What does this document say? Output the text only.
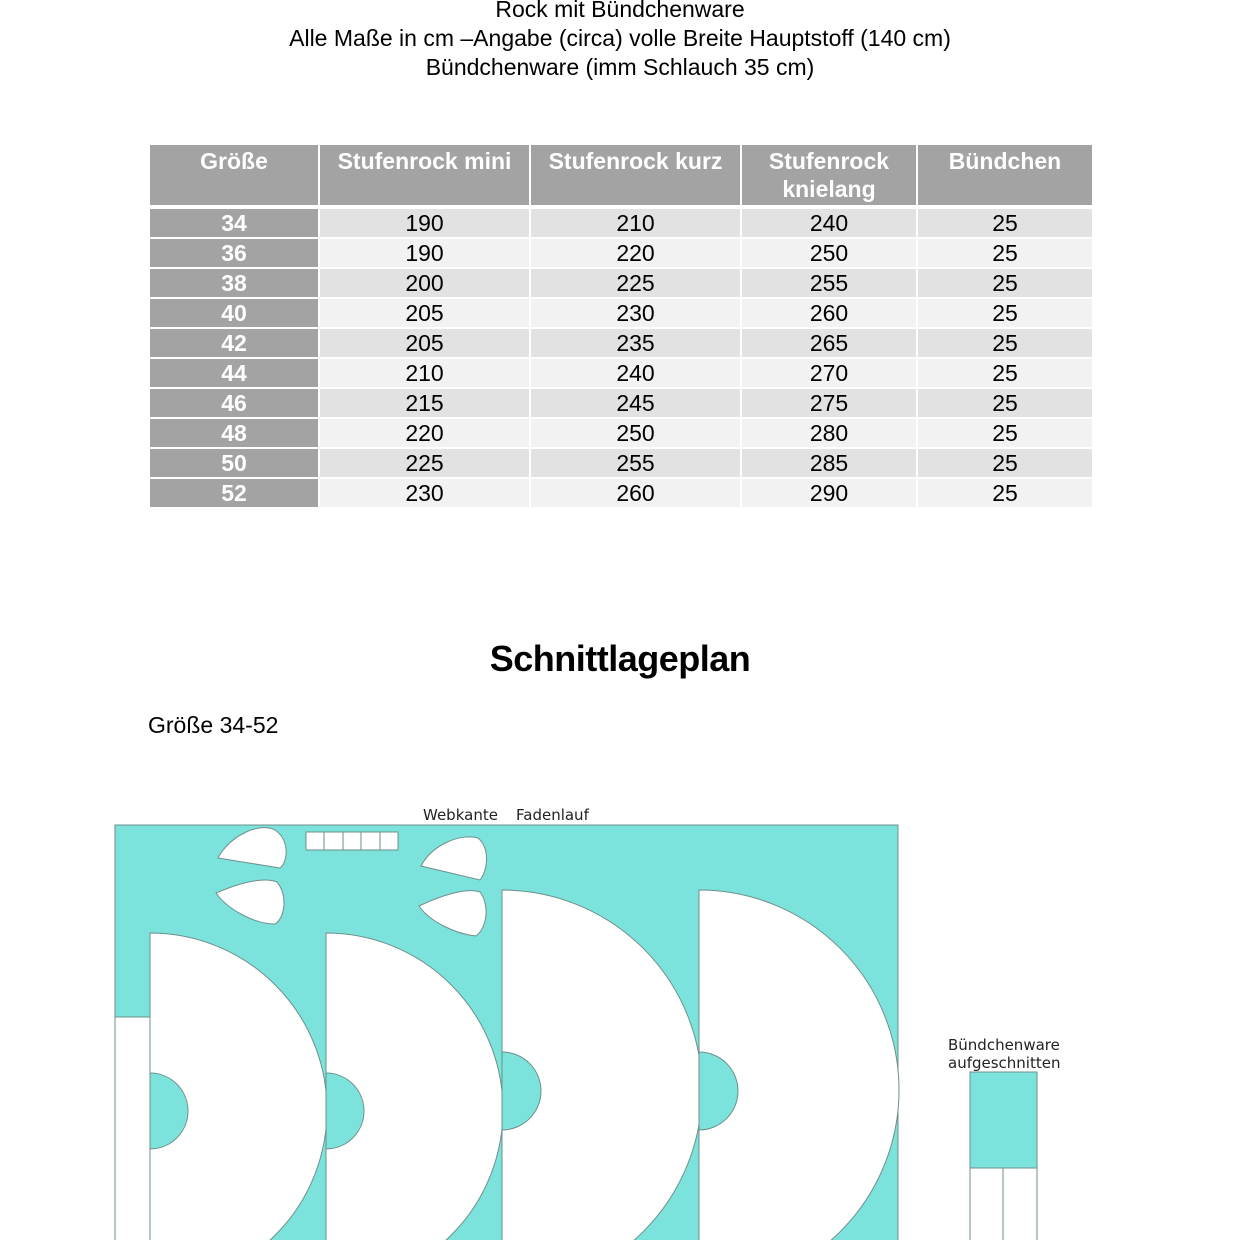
Rock mit Bündchenware
Alle Maße in cm –Angabe (circa) volle Breite Hauptstoff (140 cm)
Bündchenware (imm Schlauch 35 cm)
Größe	Stufenrock mini	Stufenrock kurz	Stufenrock knielang	Bündchen

34	190	210	240	25
36	190	220	250	25
38	200	225	255	25
40	205	230	260	25
42	205	235	265	25
44	210	240	270	25
46	215	245	275	25
48	220	250	280	25
50	225	255	285	25
52	230	260	290	25
Schnittlageplan
Größe 34-52
Webkante Fadenlauf
Bündchenware
aufgeschnitten
